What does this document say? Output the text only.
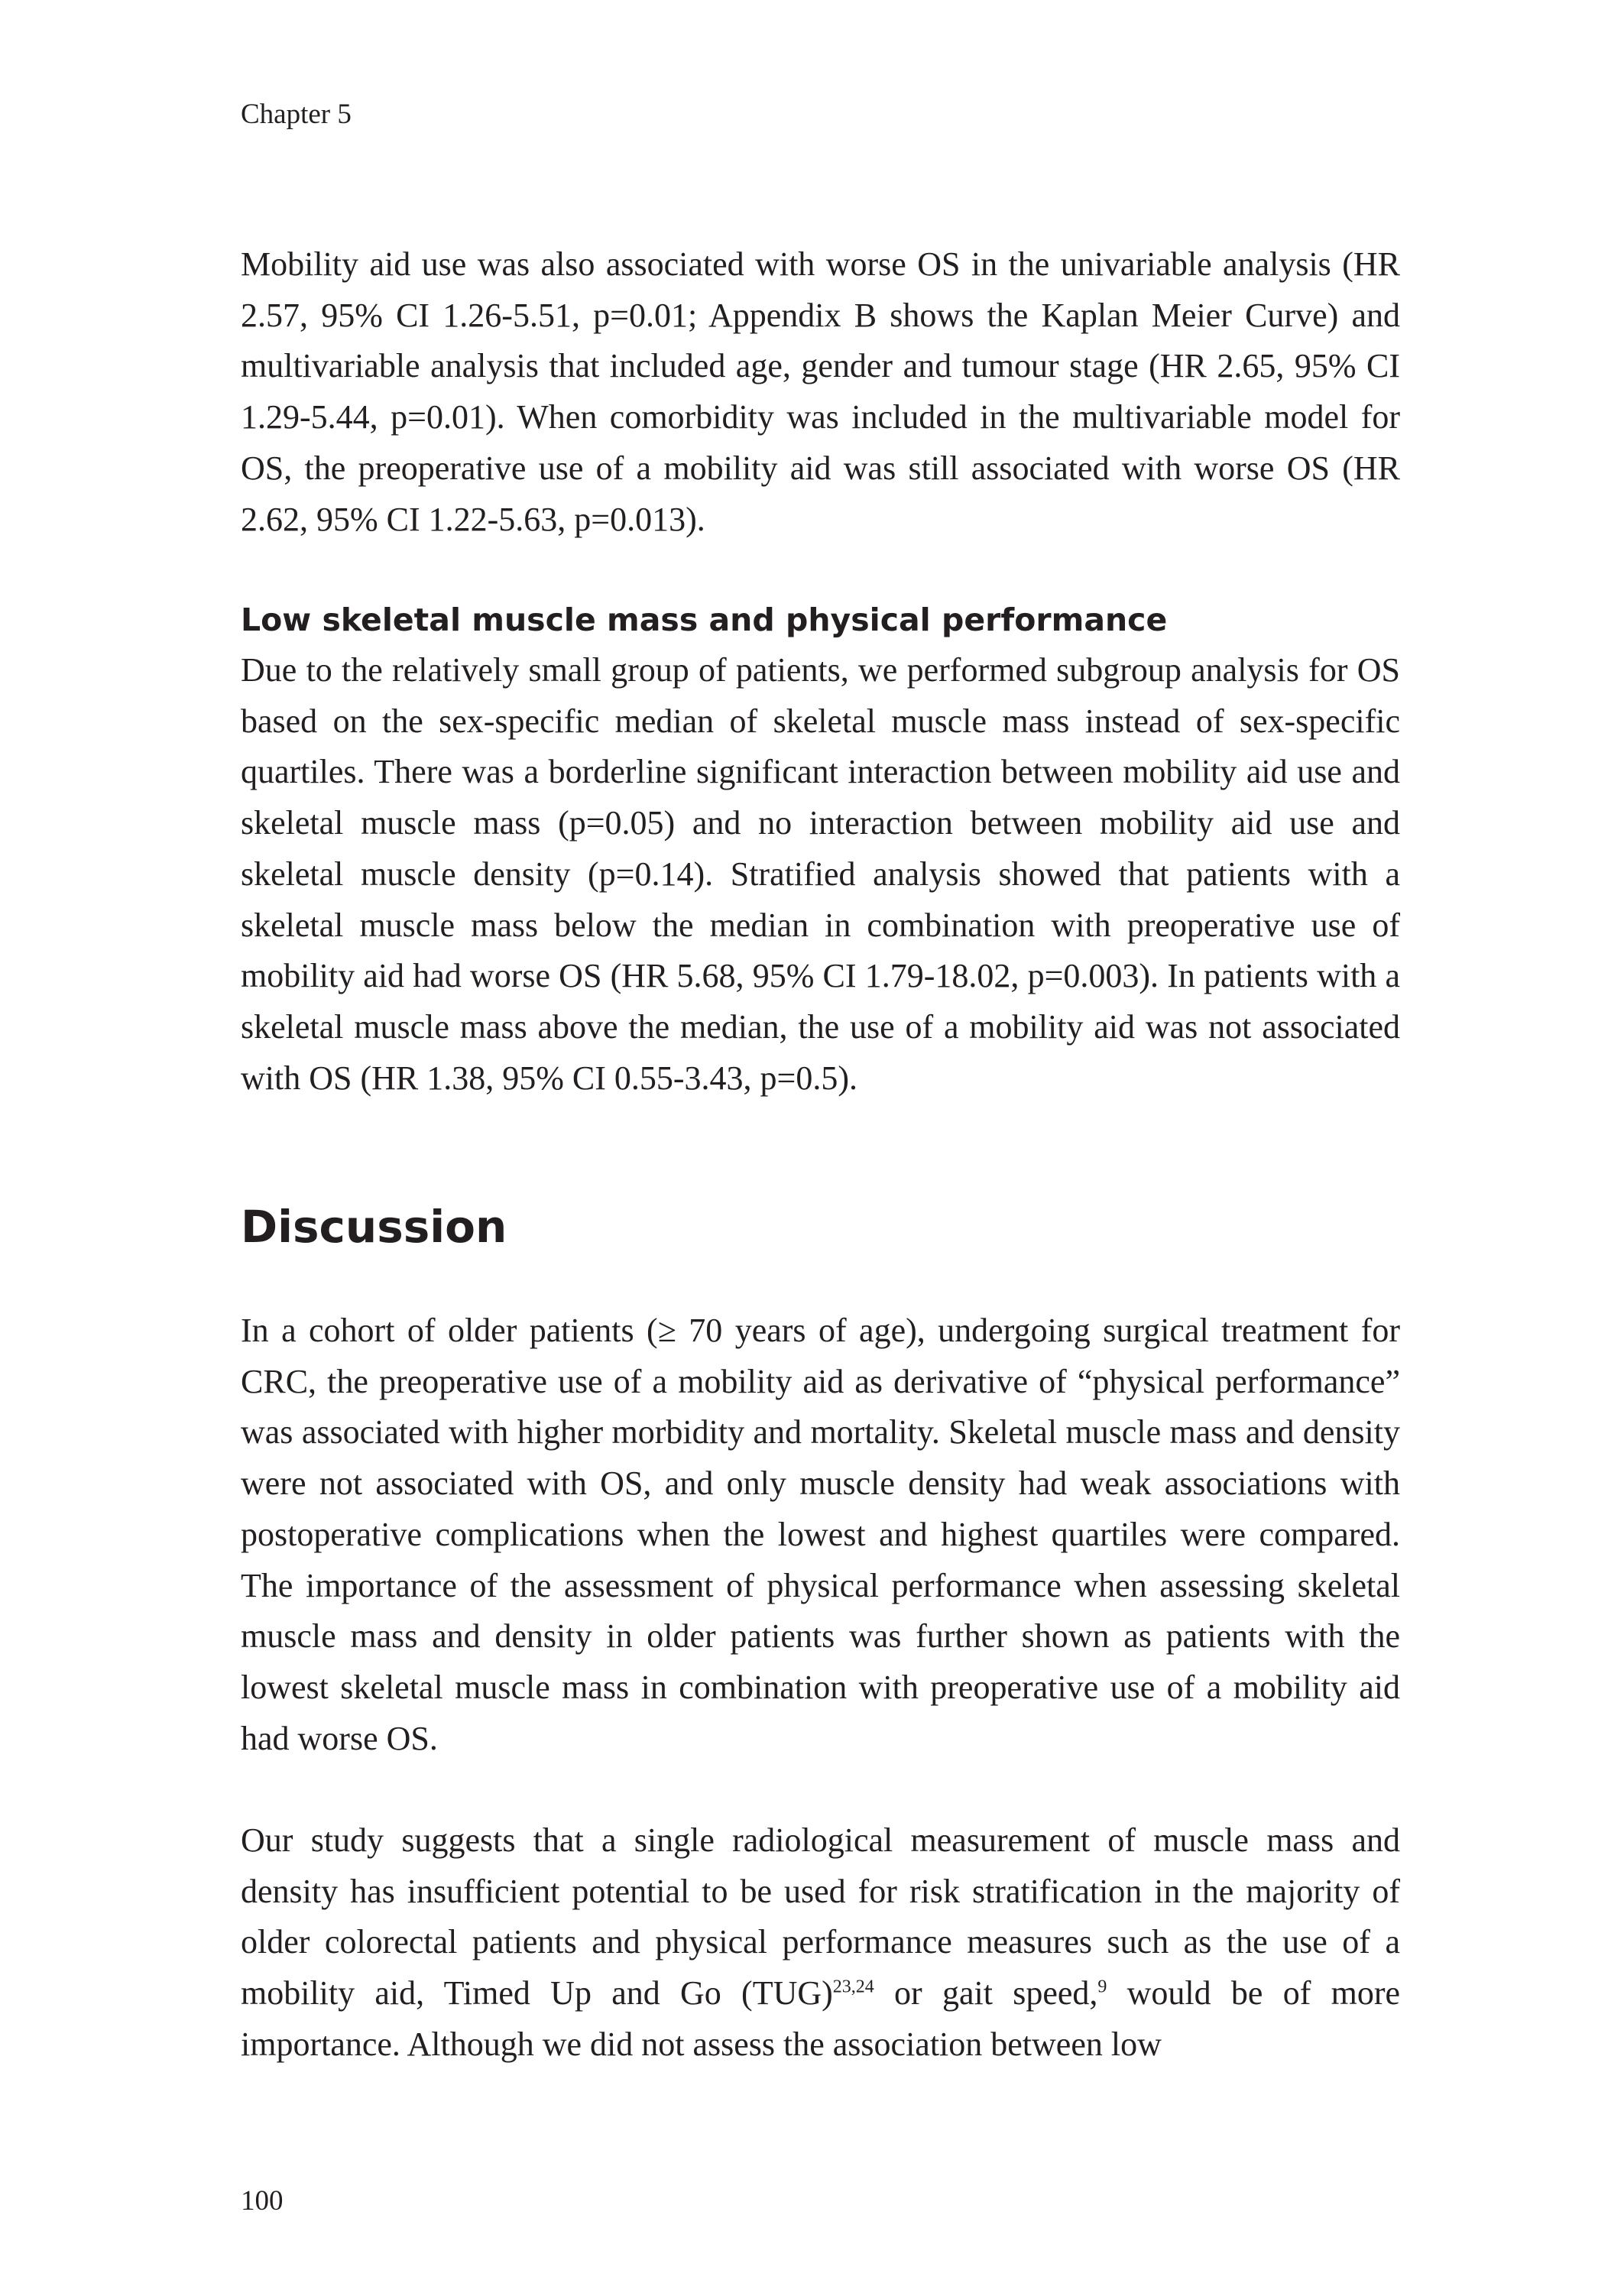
Chapter 5

Mobility aid use was also associated with worse OS in the univariable analysis (HR 2.57, 95% CI 1.26-5.51, p=0.01; Appendix B shows the Kaplan Meier Curve) and multivariable analysis that included age, gender and tumour stage (HR 2.65, 95% CI 1.29-5.44, p=0.01). When comorbidity was included in the multivariable model for OS, the preoperative use of a mobility aid was still associated with worse OS (HR 2.62, 95% CI 1.22-5.63, p=0.013).

Low skeletal muscle mass and physical performance

Due to the relatively small group of patients, we performed subgroup analysis for OS based on the sex-specific median of skeletal muscle mass instead of sex-specific quartiles. There was a borderline significant interaction between mobility aid use and skeletal muscle mass (p=0.05) and no interaction between mobility aid use and skeletal muscle density (p=0.14). Stratified analysis showed that patients with a skeletal muscle mass below the median in combination with preoperative use of mobility aid had worse OS (HR 5.68, 95% CI 1.79-18.02, p=0.003). In patients with a skeletal muscle mass above the median, the use of a mobility aid was not associated with OS (HR 1.38, 95% CI 0.55-3.43, p=0.5).

Discussion

In a cohort of older patients (≥ 70 years of age), undergoing surgical treatment for CRC, the preoperative use of a mobility aid as derivative of “physical performance” was associated with higher morbidity and mortality. Skeletal muscle mass and density were not associated with OS, and only muscle density had weak associations with postoperative complications when the lowest and highest quartiles were compared. The importance of the assessment of physical performance when assessing skeletal muscle mass and density in older patients was further shown as patients with the lowest skeletal muscle mass in combination with preoperative use of a mobility aid had worse OS.

Our study suggests that a single radiological measurement of muscle mass and density has insufficient potential to be used for risk stratification in the majority of older colorectal patients and physical performance measures such as the use of a mobility aid, Timed Up and Go (TUG)$^{23,24}$ or gait speed,$^9$ would be of more importance. Although we did not assess the association between low

100
